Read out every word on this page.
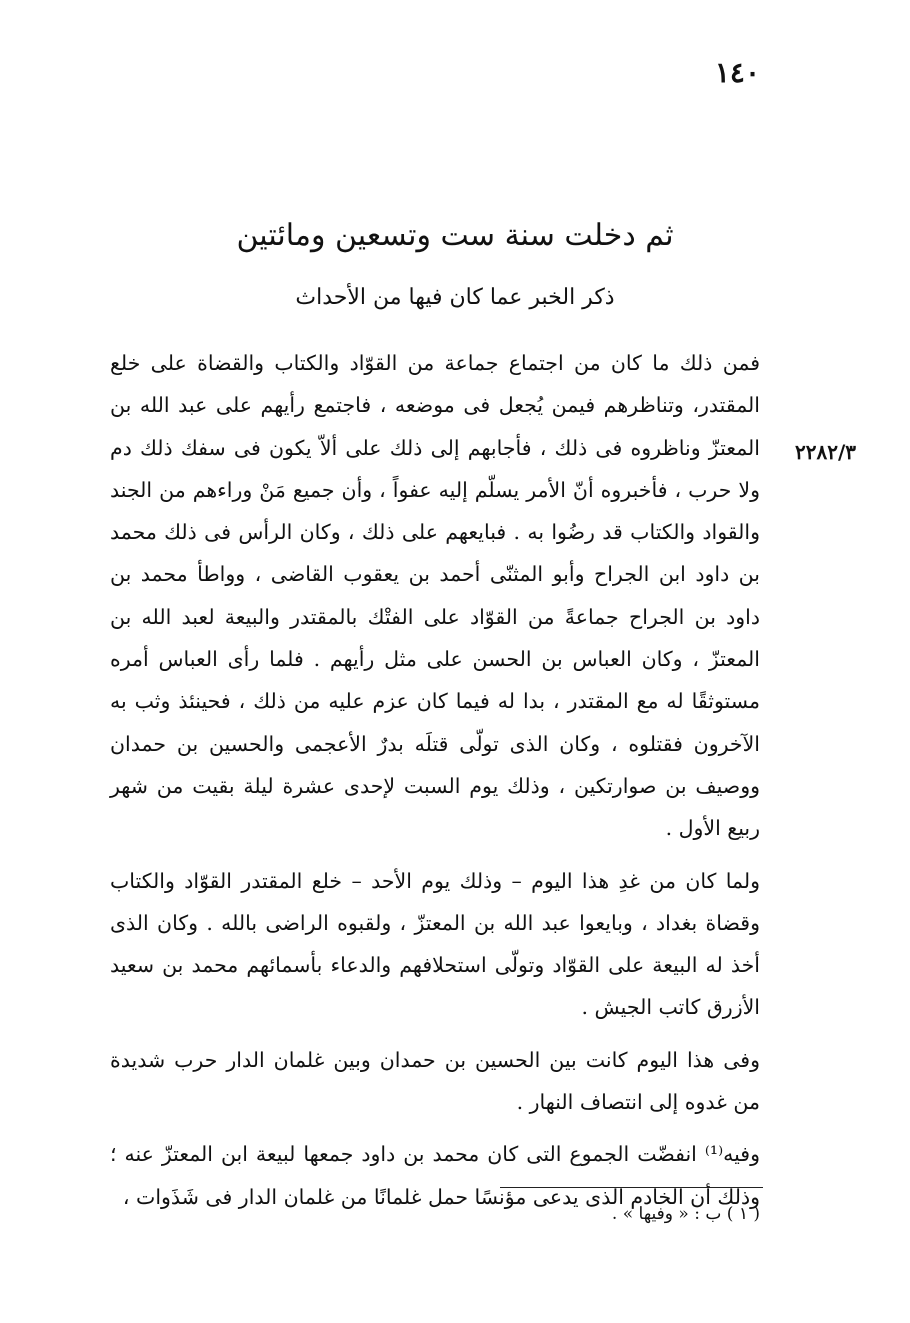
١٤٠
ثم دخلت سنة ست وتسعين ومائتين
ذكر الخبر عما كان فيها من الأحداث
٢٢٨٢/٣

فمن ذلك ما كان من اجتماع جماعة من القوّاد والكتاب والقضاة على خلع المقتدر، وتناظرهم فيمن يُجعل فى موضعه ، فاجتمع رأيهم على عبد الله بن المعتزّ وناظروه فى ذلك ، فأجابهم إلى ذلك على ألاّ يكون فى سفك ذلك دم ولا حرب ، فأخبروه أنّ الأمر يسلّم إليه عفواً ، وأن جميع مَنْ وراءهم من الجند والقواد والكتاب قد رضُوا به . فبايعهم على ذلك ، وكان الرأس فى ذلك محمد بن داود ابن الجراح وأبو المثنّى أحمد بن يعقوب القاضى ، وواطأ محمد بن داود بن الجراح جماعةً من القوّاد على الفتْك بالمقتدر والبيعة لعبد الله بن المعتزّ ، وكان العباس بن الحسن على مثل رأيهم . فلما رأى العباس أمره مستوثقًا له مع المقتدر ، بدا له فيما كان عزم عليه من ذلك ، فحينئذ وثب به الآخرون فقتلوه ، وكان الذى تولّى قتلَه بدرٌ الأعجمى والحسين بن حمدان ووصيف بن صوارتكين ، وذلك يوم السبت لإحدى عشرة ليلة بقيت من شهر ربيع الأول .

ولما كان من غدِ هذا اليوم – وذلك يوم الأحد – خلع المقتدر القوّاد والكتاب وقضاة بغداد ، وبايعوا عبد الله بن المعتزّ ، ولقبوه الراضى بالله . وكان الذى أخذ له البيعة على القوّاد وتولّى استحلافهم والدعاء بأسمائهم محمد بن سعيد الأزرق كاتب الجيش .

وفى هذا اليوم كانت بين الحسين بن حمدان وبين غلمان الدار حرب شديدة من غدوه إلى انتصاف النهار .

وفيه⁽¹⁾ انفضّت الجموع التى كان محمد بن داود جمعها لبيعة ابن المعتزّ عنه ؛ وذلك أن الخادم الذى يدعى مؤنسًا حمل غلمانًا من غلمان الدار فى شَذَوات ،

( ١ ) ب : « وفيها » .
